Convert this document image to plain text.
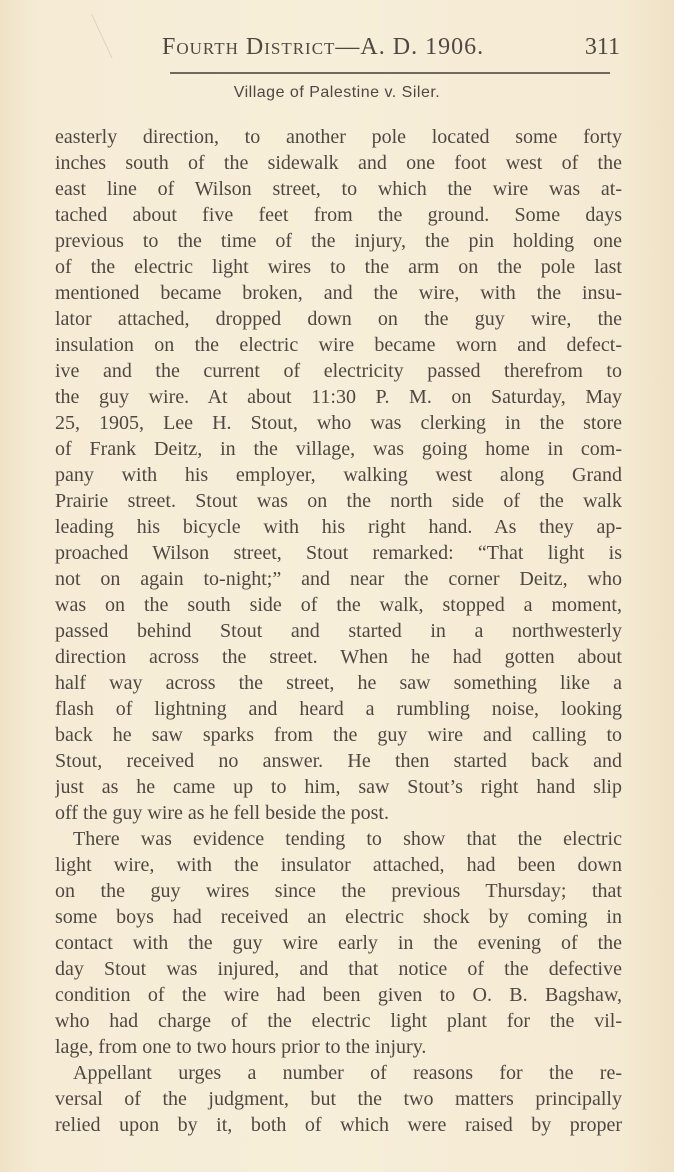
Fourth District—A. D. 1906.	311
Village of Palestine v. Siler.
easterly direction, to another pole located some forty
inches south of the sidewalk and one foot west of the
east line of Wilson street, to which the wire was at-
tached about five feet from the ground. Some days
previous to the time of the injury, the pin holding one
of the electric light wires to the arm on the pole last
mentioned became broken, and the wire, with the insu-
lator attached, dropped down on the guy wire, the
insulation on the electric wire became worn and defect-
ive and the current of electricity passed therefrom to
the guy wire. At about 11:30 P. M. on Saturday, May
25, 1905, Lee H. Stout, who was clerking in the store
of Frank Deitz, in the village, was going home in com-
pany with his employer, walking west along Grand
Prairie street. Stout was on the north side of the walk
leading his bicycle with his right hand. As they ap-
proached Wilson street, Stout remarked: “That light is
not on again to-night;” and near the corner Deitz, who
was on the south side of the walk, stopped a moment,
passed behind Stout and started in a northwesterly
direction across the street. When he had gotten about
half way across the street, he saw something like a
flash of lightning and heard a rumbling noise, looking
back he saw sparks from the guy wire and calling to
Stout, received no answer. He then started back and
just as he came up to him, saw Stout’s right hand slip
off the guy wire as he fell beside the post.
There was evidence tending to show that the electric
light wire, with the insulator attached, had been down
on the guy wires since the previous Thursday; that
some boys had received an electric shock by coming in
contact with the guy wire early in the evening of the
day Stout was injured, and that notice of the defective
condition of the wire had been given to O. B. Bagshaw,
who had charge of the electric light plant for the vil-
lage, from one to two hours prior to the injury.
Appellant urges a number of reasons for the re-
versal of the judgment, but the two matters principally
relied upon by it, both of which were raised by proper
